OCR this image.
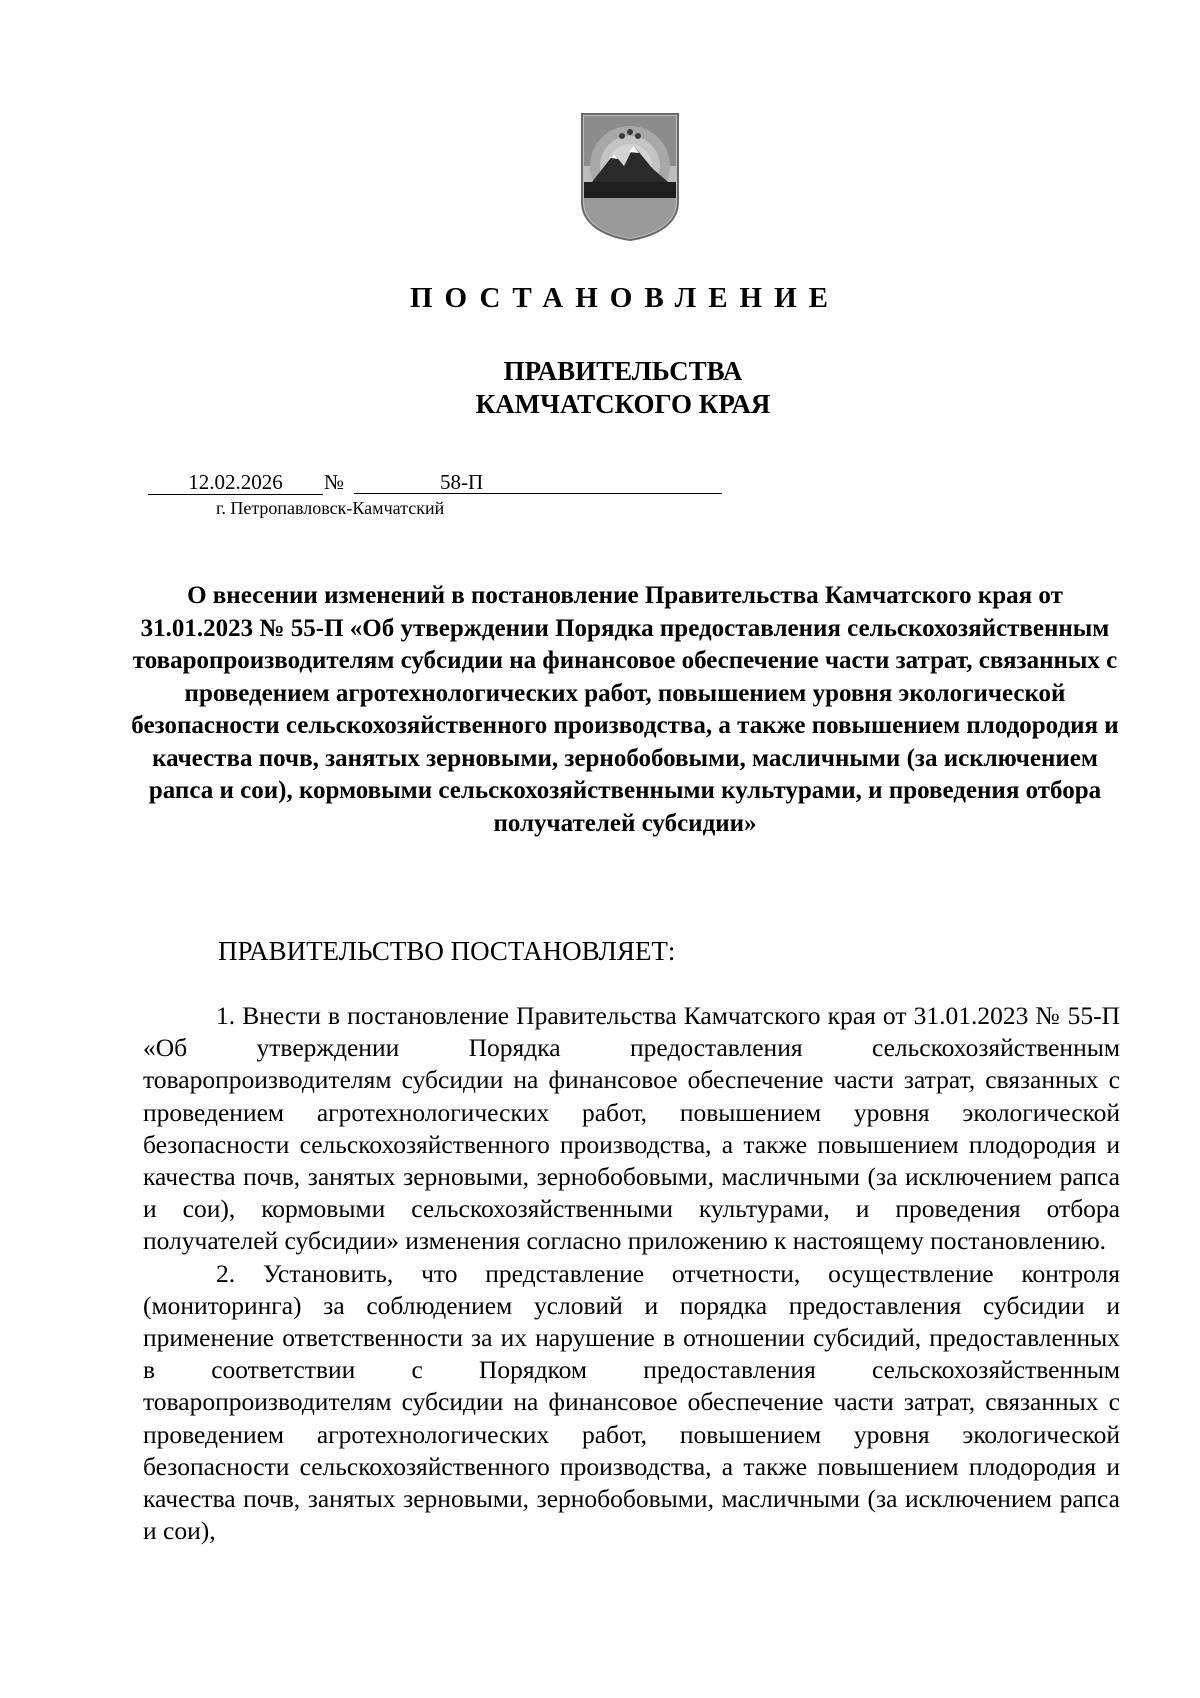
ПОСТАНОВЛЕНИЕ
ПРАВИТЕЛЬСТВА
КАМЧАТСКОГО КРАЯ
12.02.2026	№	58-П
г. Петропавловск-Камчатский
О внесении изменений в постановление Правительства Камчатского края от 31.01.2023 № 55-П «Об утверждении Порядка предоставления сельскохозяйственным товаропроизводителям субсидии на финансовое обеспечение части затрат, связанных с проведением агротехнологических работ, повышением уровня экологической безопасности сельскохозяйственного производства, а также повышением плодородия и качества почв, занятых зерновыми, зернобобовыми, масличными (за исключением рапса и сои), кормовыми сельскохозяйственными культурами, и проведения отбора получателей субсидии»
ПРАВИТЕЛЬСТВО ПОСТАНОВЛЯЕТ:

1. Внести в постановление Правительства Камчатского края от 31.01.2023 № 55-П «Об утверждении Порядка предоставления сельскохозяйственным товаропроизводителям субсидии на финансовое обеспечение части затрат, связанных с проведением агротехнологических работ, повышением уровня экологической безопасности сельскохозяйственного производства, а также повышением плодородия и качества почв, занятых зерновыми, зернобобовыми, масличными (за исключением рапса и сои), кормовыми сельскохозяйственными культурами, и проведения отбора получателей субсидии» изменения согласно приложению к настоящему постановлению.

2. Установить, что представление отчетности, осуществление контроля (мониторинга) за соблюдением условий и порядка предоставления субсидии и применение ответственности за их нарушение в отношении субсидий, предоставленных в соответствии с Порядком предоставления сельскохозяйственным товаропроизводителям субсидии на финансовое обеспечение части затрат, связанных с проведением агротехнологических работ, повышением уровня экологической безопасности сельскохозяйственного производства, а также повышением плодородия и качества почв, занятых зерновыми, зернобобовыми, масличными (за исключением рапса и сои),
